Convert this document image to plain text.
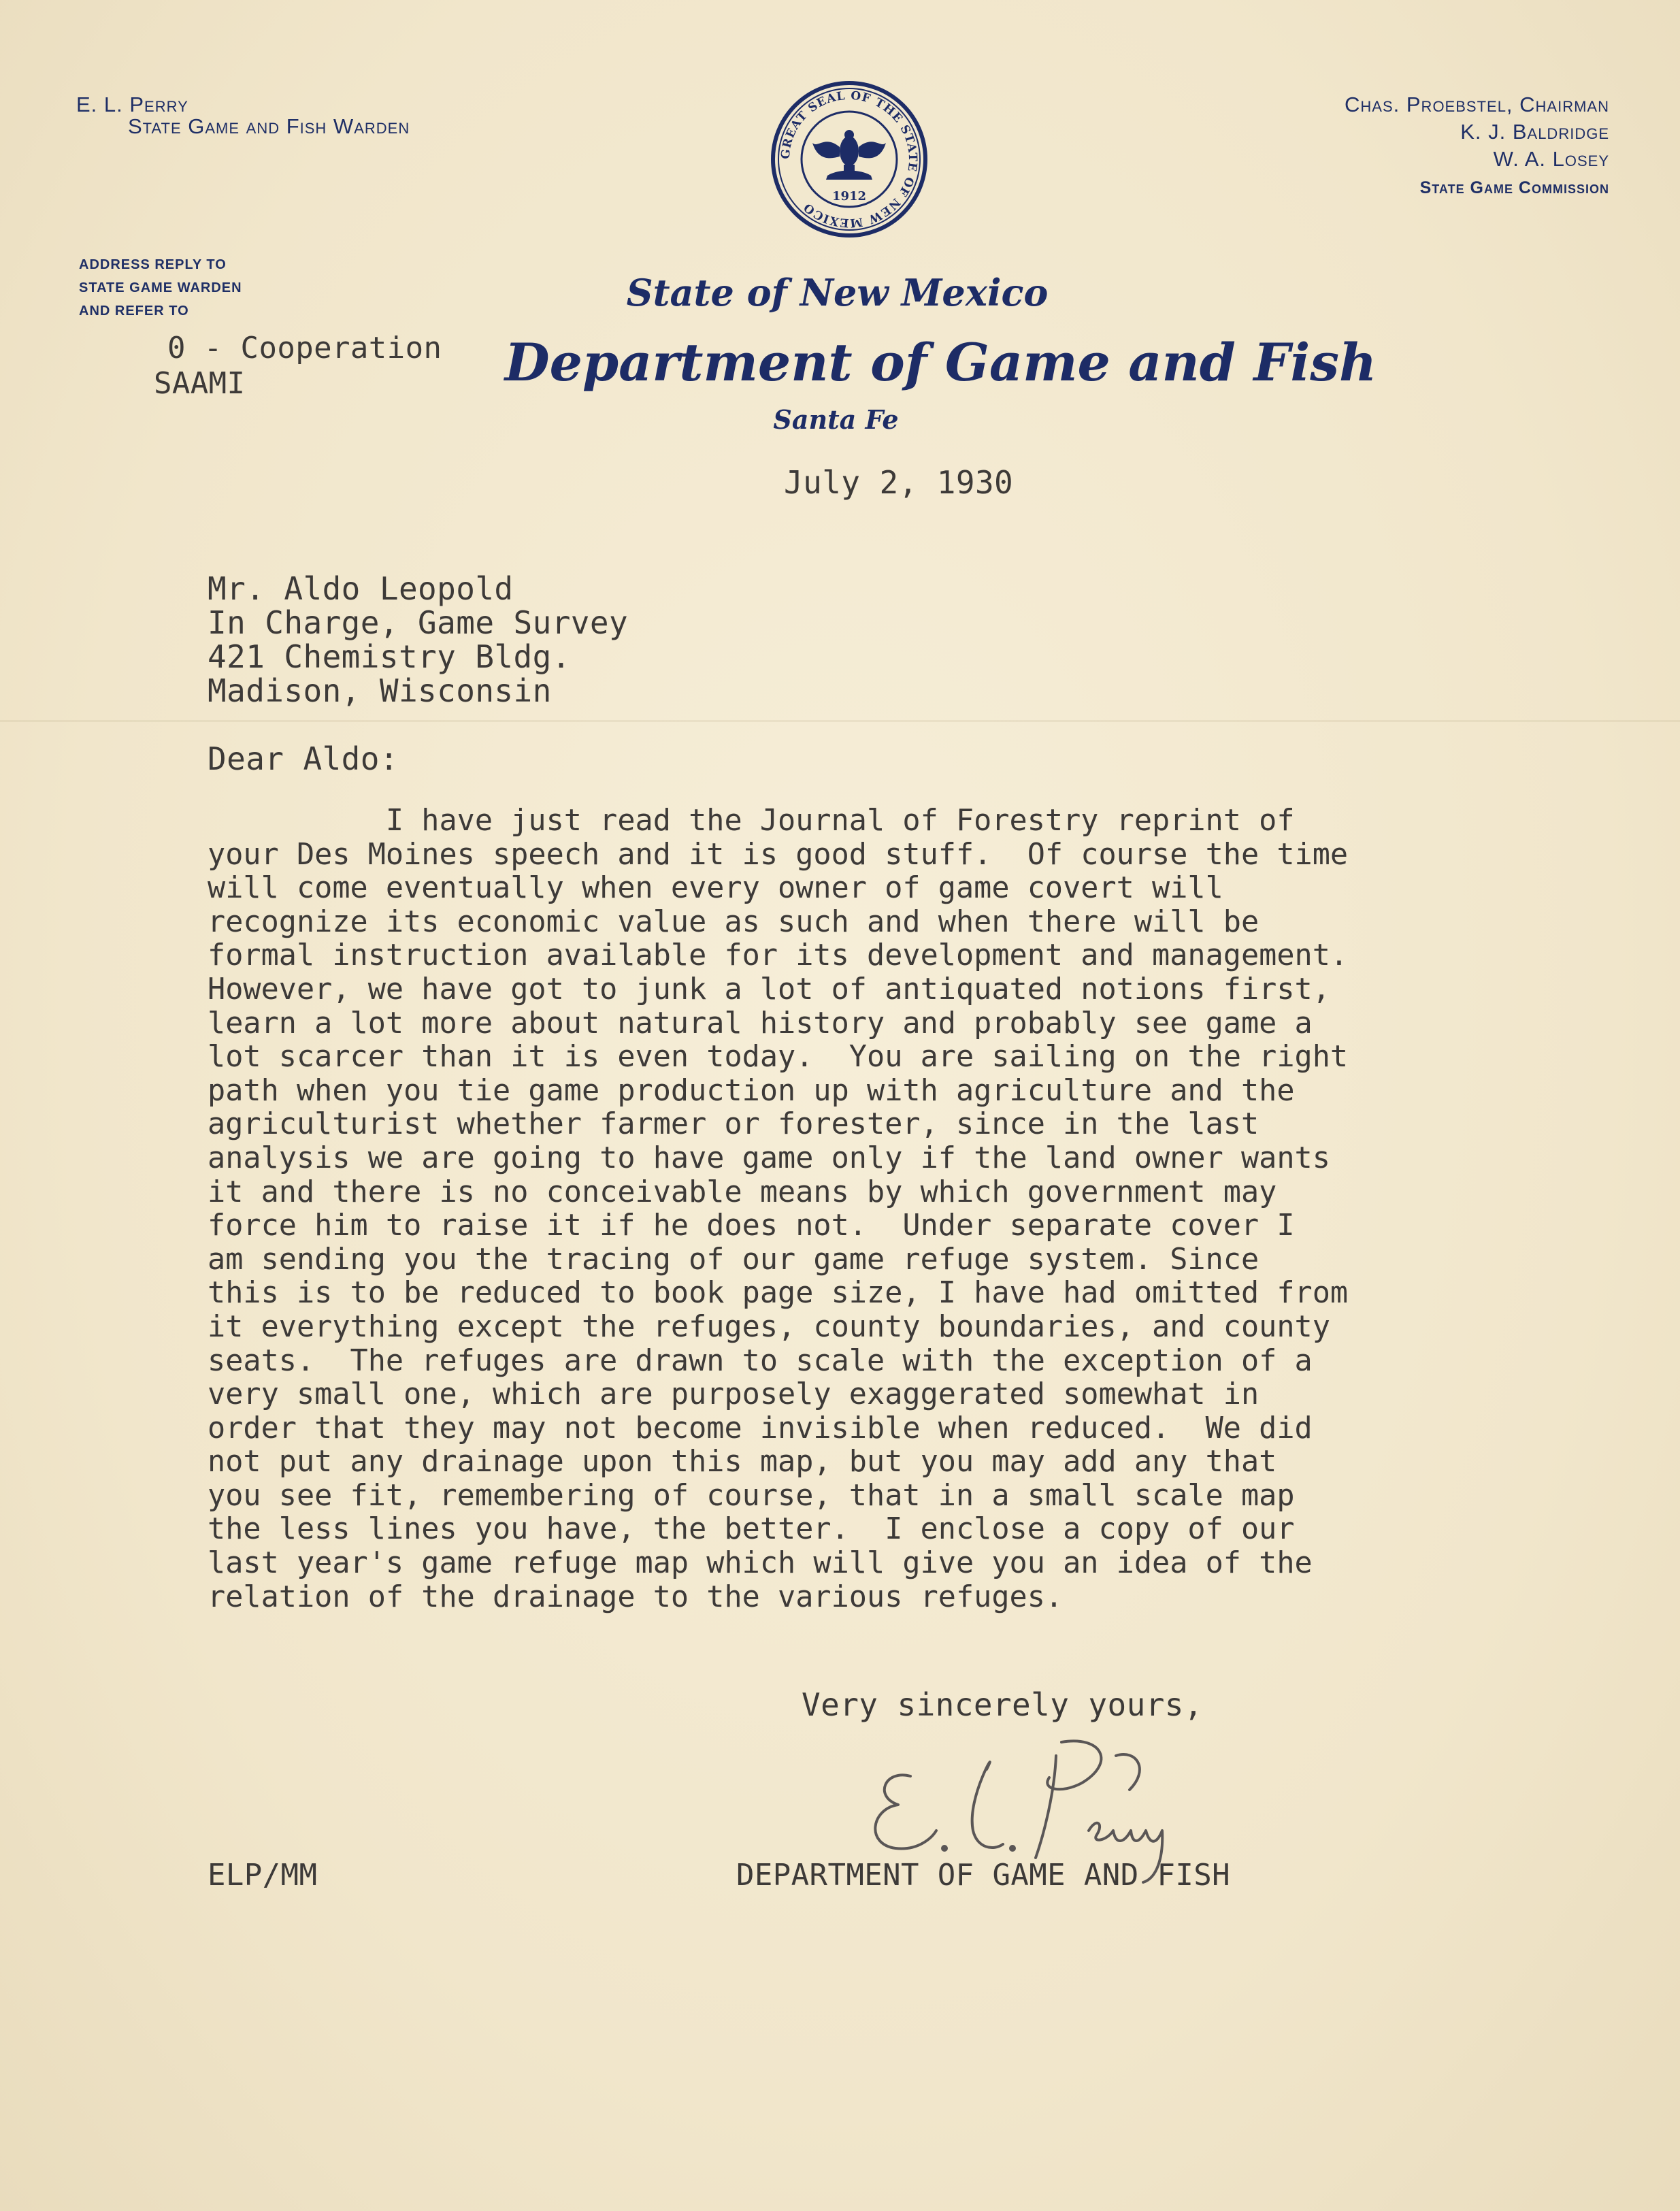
E. L. Perry

State Game and Fish Warden

Chas. Proebstel, Chairman

K. J. Baldridge

W. A. Losey

State Game Commission

ADDRESS REPLY TO

STATE GAME WARDEN

AND REFER TO

GREAT SEAL OF THE STATE OF NEW MEXICO
1912

State of New Mexico

Department of Game and Fish

Santa Fe

0 - Cooperation

SAAMI

July 2, 1930

Mr. Aldo Leopold

In Charge, Game Survey

421 Chemistry Bldg.

Madison, Wisconsin

Dear Aldo:

I have just read the Journal of Forestry reprint of
your Des Moines speech and it is good stuff.  Of course the time
will come eventually when every owner of game covert will
recognize its economic value as such and when there will be
formal instruction available for its development and management.
However, we have got to junk a lot of antiquated notions first,
learn a lot more about natural history and probably see game a
lot scarcer than it is even today.  You are sailing on the right
path when you tie game production up with agriculture and the
agriculturist whether farmer or forester, since in the last
analysis we are going to have game only if the land owner wants
it and there is no conceivable means by which government may
force him to raise it if he does not.  Under separate cover I
am sending you the tracing of our game refuge system. Since
this is to be reduced to book page size, I have had omitted from
it everything except the refuges, county boundaries, and county
seats.  The refuges are drawn to scale with the exception of a
very small one, which are purposely exaggerated somewhat in
order that they may not become invisible when reduced.  We did
not put any drainage upon this map, but you may add any that
you see fit, remembering of course, that in a small scale map
the less lines you have, the better.  I enclose a copy of our
last year's game refuge map which will give you an idea of the
relation of the drainage to the various refuges.

Very sincerely yours,

ELP/MM	DEPARTMENT OF GAME AND FISH
